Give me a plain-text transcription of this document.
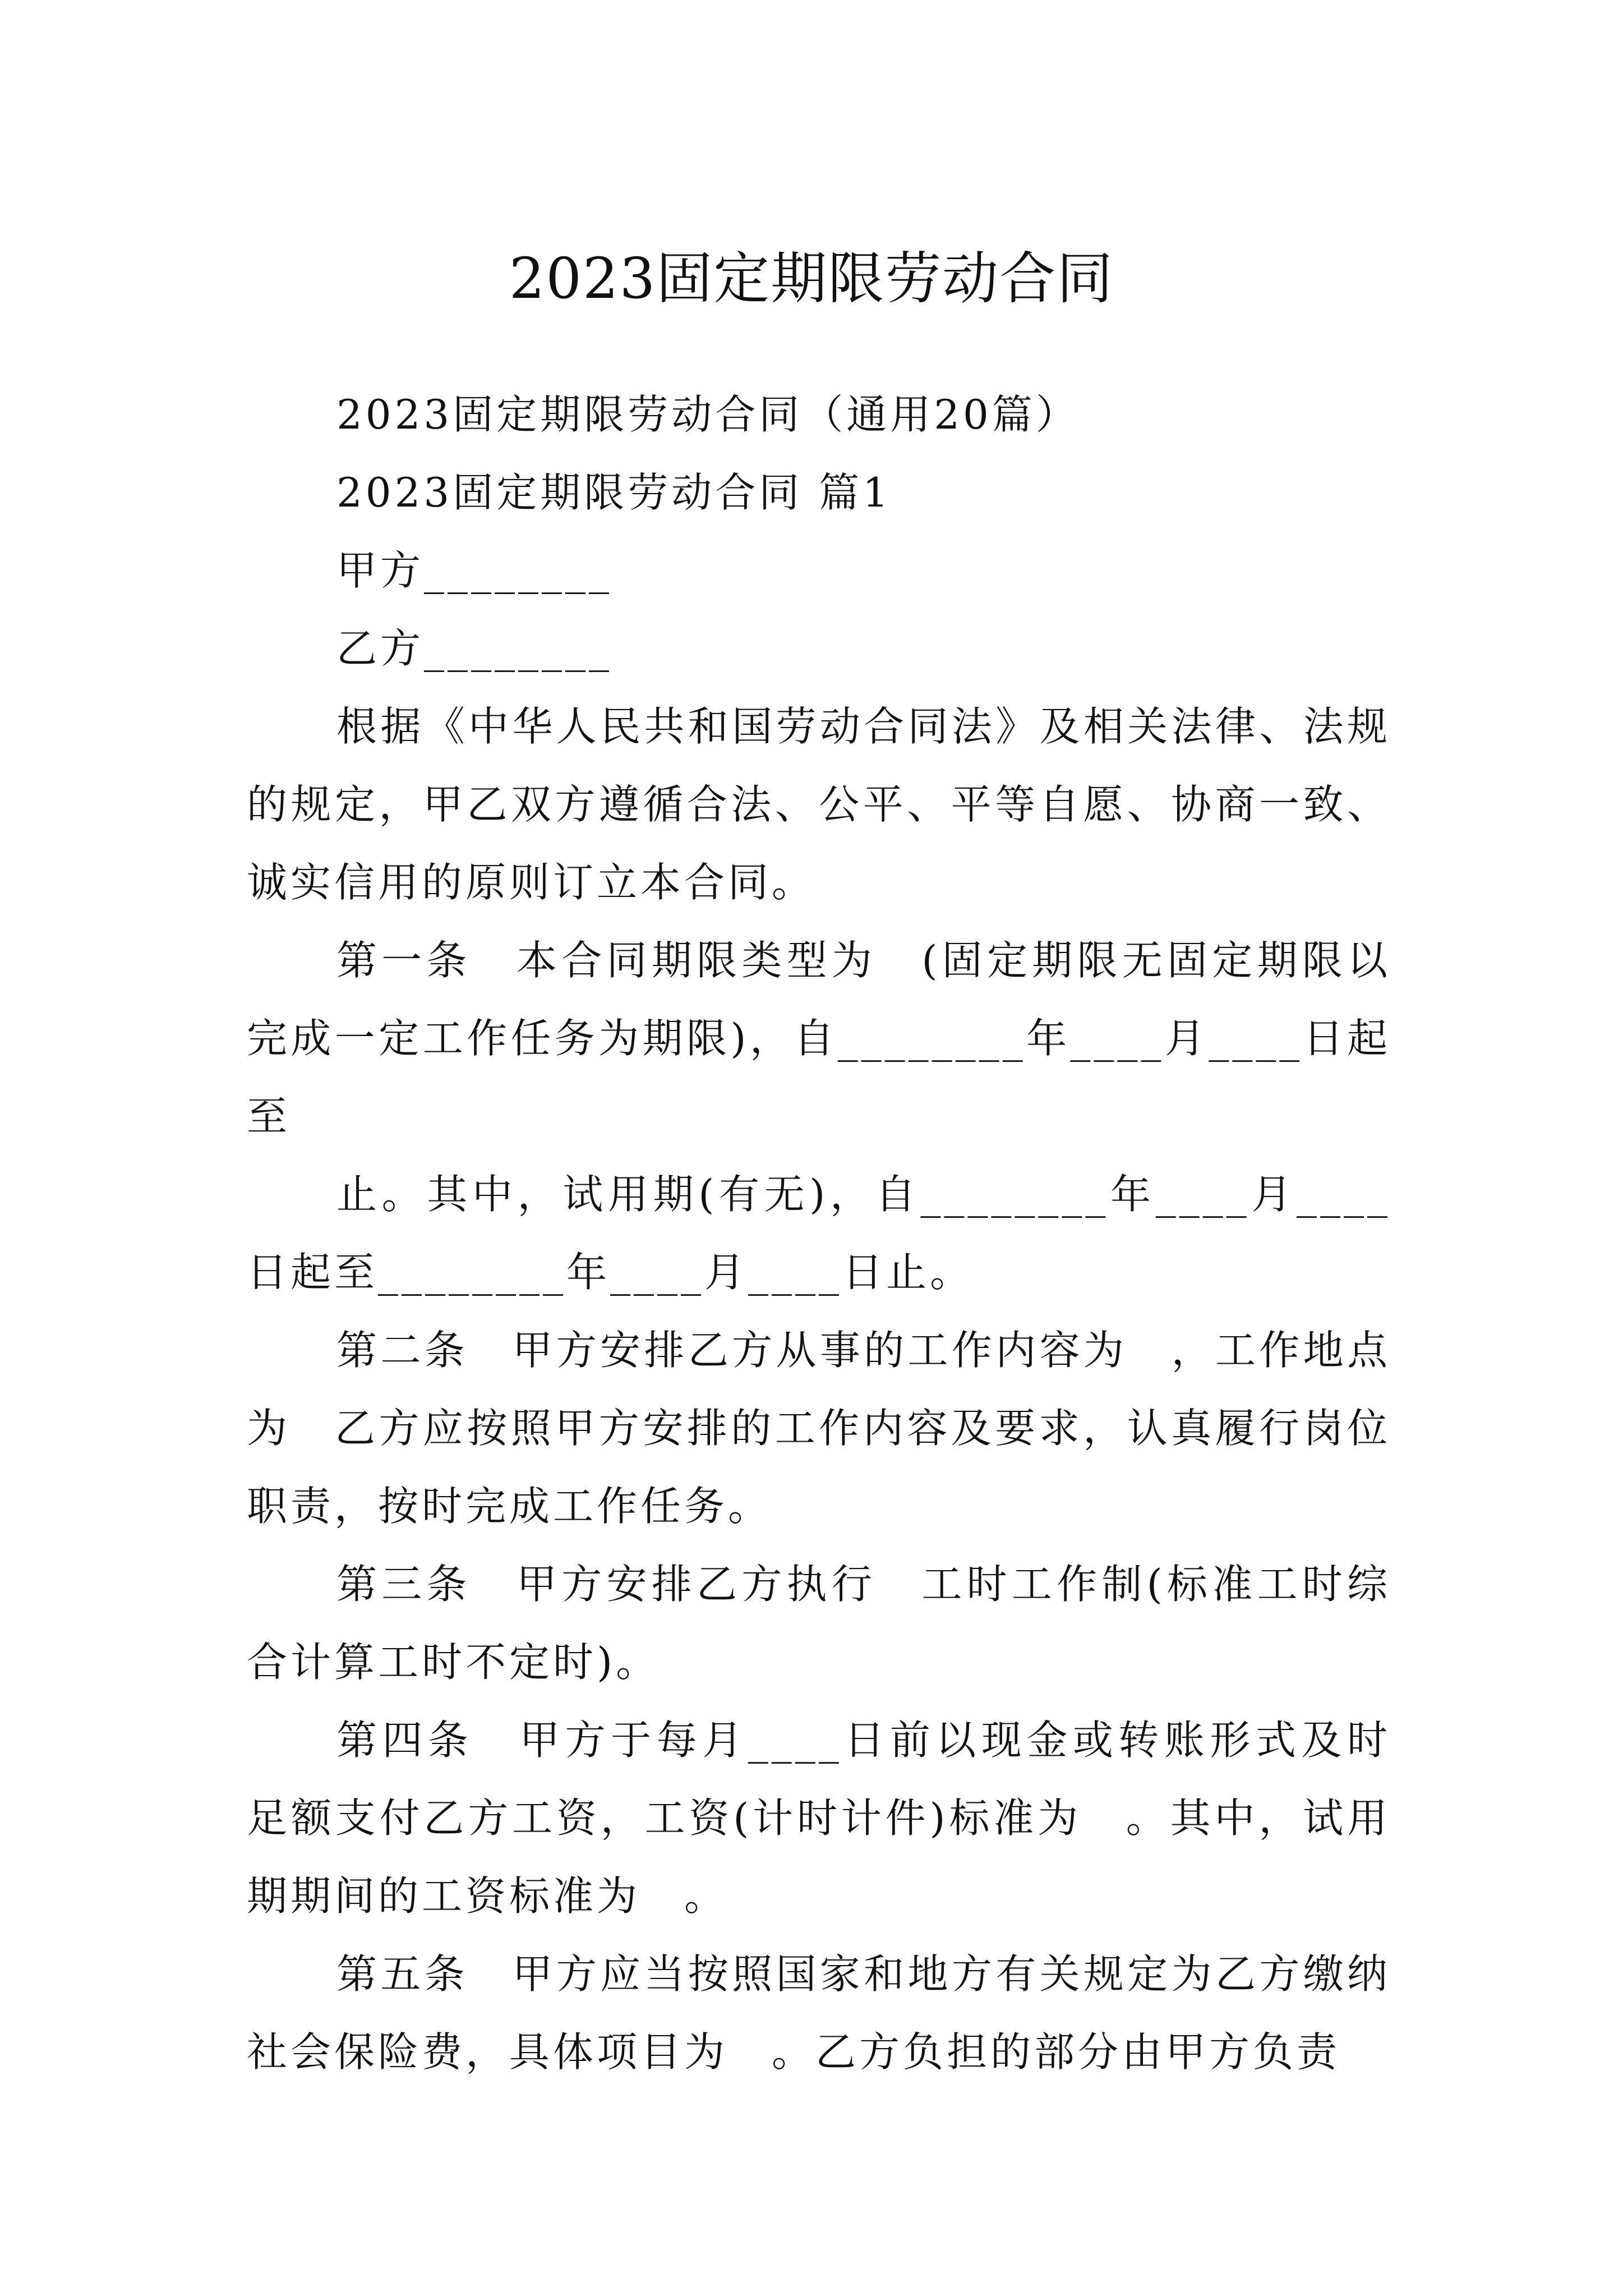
2023固定期限劳动合同

2023固定期限劳动合同（通用20篇）

2023固定期限劳动合同 篇1

甲方________

乙方________

根据《中华人民共和国劳动合同法》及相关法律、法规的规定，甲乙双方遵循合法、公平、平等自愿、协商一致、诚实信用的原则订立本合同。

第一条　本合同期限类型为　(固定期限无固定期限以完成一定工作任务为期限)，自________年____月____日起至

止。其中，试用期(有无)，自________年____月____日起至________年____月____日止。

第二条　甲方安排乙方从事的工作内容为　，工作地点为　乙方应按照甲方安排的工作内容及要求，认真履行岗位职责，按时完成工作任务。

第三条　甲方安排乙方执行　工时工作制(标准工时综合计算工时不定时)。

第四条　甲方于每月____日前以现金或转账形式及时足额支付乙方工资，工资(计时计件)标准为　。其中，试用期期间的工资标准为　。

第五条　甲方应当按照国家和地方有关规定为乙方缴纳社会保险费，具体项目为　。乙方负担的部分由甲方负责
